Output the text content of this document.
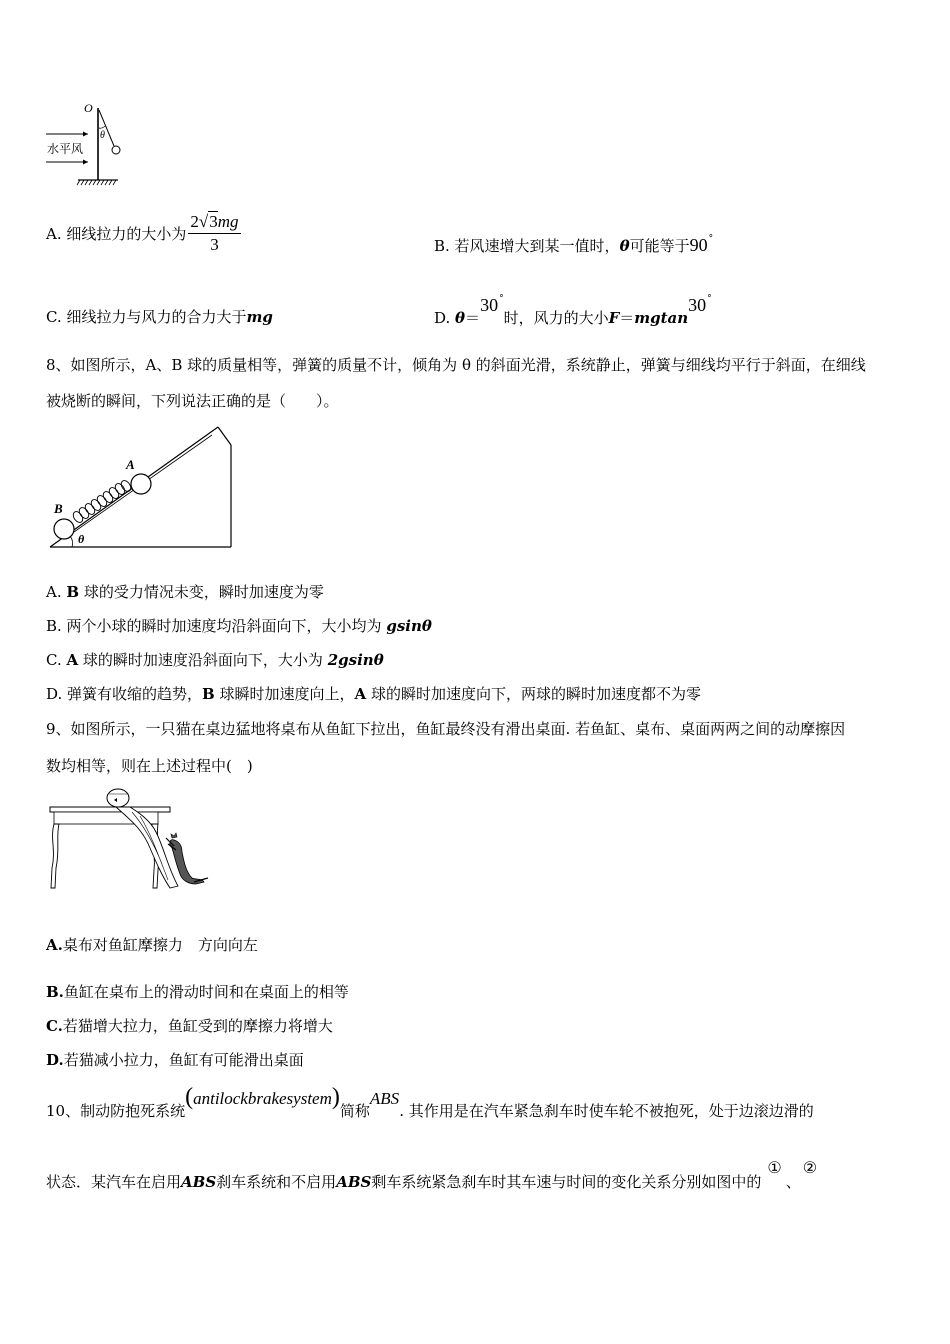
O
θ
水平风
A. 细线拉力的大小为 $\frac{2√3mg}{3}$	B. 若风速增大到某一值时，θ可能等于90°
C. 细线拉力与风力的合力大于mg	D. θ＝30°时，风力的大小F＝mgtan30°
8、如图所示，A、B 球的质量相等，弹簧的质量不计，倾角为 θ 的斜面光滑，系统静止，弹簧与细线均平行于斜面，在细线
被烧断的瞬间，下列说法正确的是（　　）。
A
B
θ
A. B 球的受力情况未变，瞬时加速度为零
B. 两个小球的瞬时加速度均沿斜面向下，大小均为 gsinθ
C. A 球的瞬时加速度沿斜面向下，大小为 2gsinθ
D. 弹簧有收缩的趋势，B 球瞬时加速度向上，A 球的瞬时加速度向下，两球的瞬时加速度都不为零
9、如图所示，一只猫在桌边猛地将桌布从鱼缸下拉出，鱼缸最终没有滑出桌面. 若鱼缸、桌布、桌面两两之间的动摩擦因
数均相等，则在上述过程中(　)
A.桌布对鱼缸摩擦力　方向向左
B.鱼缸在桌布上的滑动时间和在桌面上的相等
C.若猫增大拉力，鱼缸受到的摩擦力将增大
D.若猫减小拉力，鱼缸有可能滑出桌面
10、制动防抱死系统(antilockbrakesystem)简称ABS. 其作用是在汽车紧急刹车时使车轮不被抱死，处于边滚边滑的
状态．某汽车在启用ABS刹车系统和不启用ABS剩车系统紧急刹车时其车速与时间的变化关系分别如图中的①、②
